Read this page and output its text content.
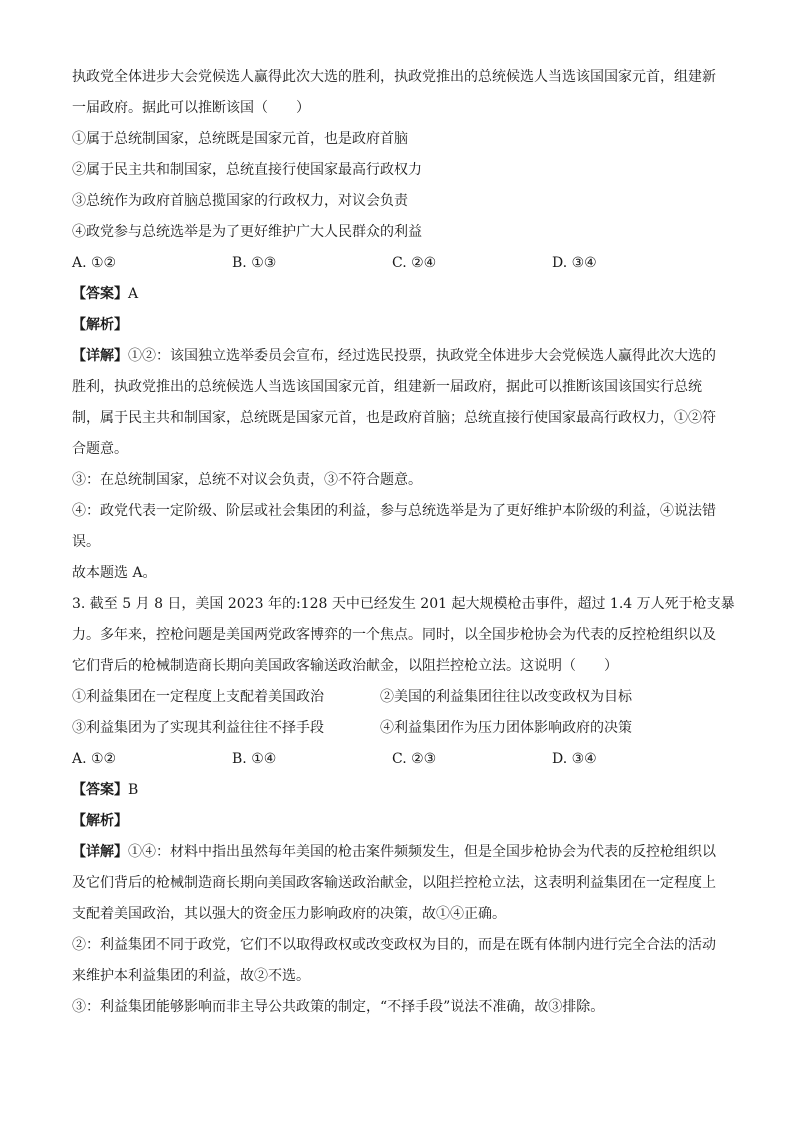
执政党全体进步大会党候选人赢得此次大选的胜利，执政党推出的总统候选人当选该国国家元首，组建新

一届政府。据此可以推断该国（　　）

①属于总统制国家，总统既是国家元首，也是政府首脑

②属于民主共和制国家，总统直接行使国家最高行政权力

③总统作为政府首脑总揽国家的行政权力，对议会负责

④政党参与总统选举是为了更好维护广大人民群众的利益

A. ①②	B. ①③	C. ②④	D. ③④

【答案】A

【解析】

【详解】①②：该国独立选举委员会宣布，经过选民投票，执政党全体进步大会党候选人赢得此次大选的

胜利，执政党推出的总统候选人当选该国国家元首，组建新一届政府，据此可以推断该国该国实行总统

制，属于民主共和制国家，总统既是国家元首，也是政府首脑；总统直接行使国家最高行政权力，①②符

合题意。

③：在总统制国家，总统不对议会负责，③不符合题意。

④：政党代表一定阶级、阶层或社会集团的利益，参与总统选举是为了更好维护本阶级的利益，④说法错

误。

故本题选 A。

3. 截至 5 月 8 日，美国 2023 年的:128 天中已经发生 201 起大规模枪击事件，超过 1.4 万人死于枪支暴

力。多年来，控枪问题是美国两党政客博弈的一个焦点。同时，以全国步枪协会为代表的反控枪组织以及

它们背后的枪械制造商长期向美国政客输送政治献金，以阻拦控枪立法。这说明（　　）

①利益集团在一定程度上支配着美国政治	②美国的利益集团往往以改变政权为目标
③利益集团为了实现其利益往往不择手段	④利益集团作为压力团体影响政府的决策
A. ①②	B. ①④	C. ②③	D. ③④

【答案】B

【解析】

【详解】①④：材料中指出虽然每年美国的枪击案件频频发生，但是全国步枪协会为代表的反控枪组织以

及它们背后的枪械制造商长期向美国政客输送政治献金，以阻拦控枪立法，这表明利益集团在一定程度上

支配着美国政治，其以强大的资金压力影响政府的决策，故①④正确。

②：利益集团不同于政党，它们不以取得政权或改变政权为目的，而是在既有体制内进行完全合法的活动

来维护本利益集团的利益，故②不选。

③：利益集团能够影响而非主导公共政策的制定，“不择手段”说法不准确，故③排除。
